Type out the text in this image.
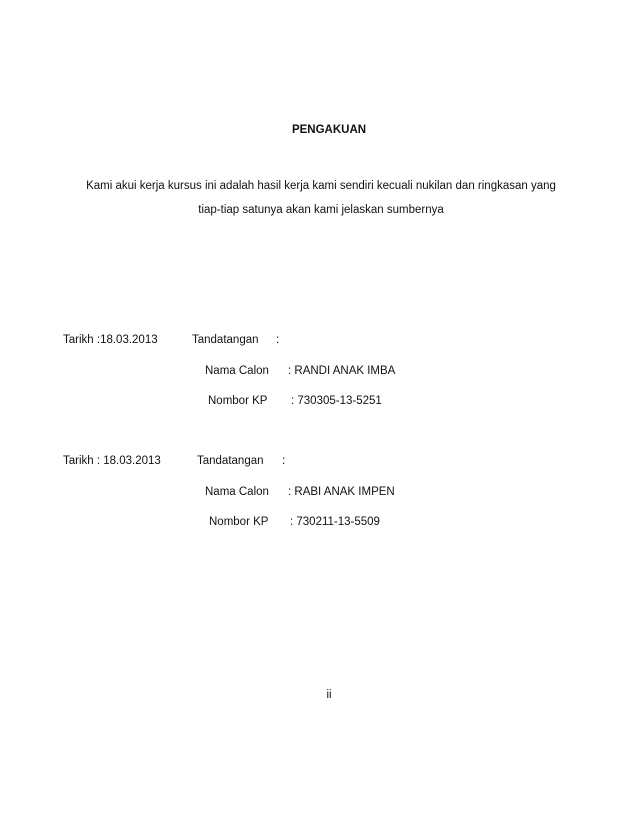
PENGAKUAN
Kami akui kerja kursus ini adalah hasil kerja kami sendiri kecuali nukilan dan ringkasan yang
tiap-tiap satunya akan kami jelaskan sumbernya
Tarikh :18.03.2013	Tandatangan :
Nama Calon : RANDI ANAK IMBA
Nombor KP : 730305-13-5251
Tarikh : 18.03.2013	Tandatangan :
Nama Calon : RABI ANAK IMPEN
Nombor KP : 730211-13-5509
ii
